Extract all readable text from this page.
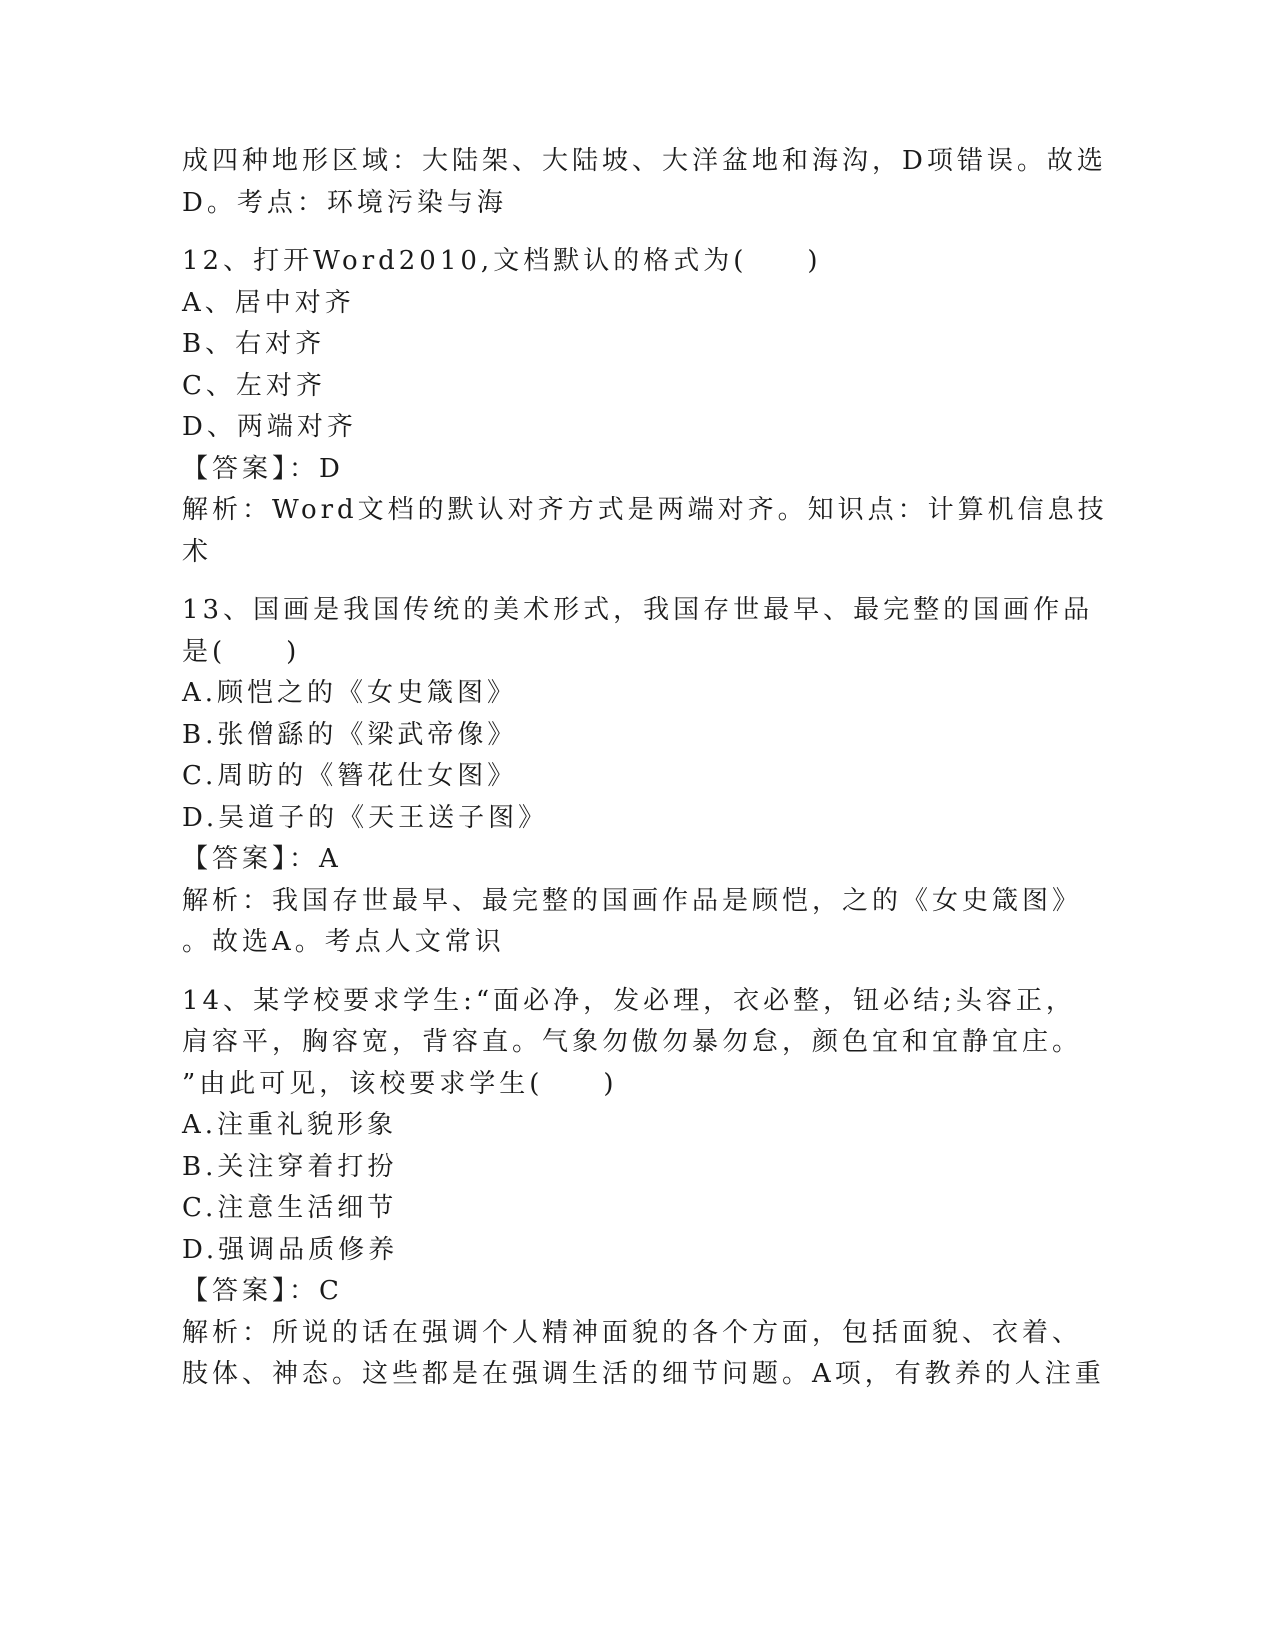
成四种地形区域：大陆架、大陆坡、大洋盆地和海沟，D项错误。故选
D。考点：环境污染与海
12、打开Word2010,文档默认的格式为(　　)
A、居中对齐
B、右对齐
C、左对齐
D、两端对齐
【答案】：D
解析：Word文档的默认对齐方式是两端对齐。知识点：计算机信息技
术
13、国画是我国传统的美术形式，我国存世最早、最完整的国画作品
是(　　)
A.顾恺之的《女史箴图》
B.张僧繇的《梁武帝像》
C.周昉的《簪花仕女图》
D.吴道子的《天王送子图》
【答案】：A
解析：我国存世最早、最完整的国画作品是顾恺，之的《女史箴图》
。故选A。考点人文常识
14、某学校要求学生:“面必净，发必理，衣必整，钮必结;头容正，
肩容平，胸容宽，背容直。气象勿傲勿暴勿怠，颜色宜和宜静宜庄。
”由此可见，该校要求学生(　　)
A.注重礼貌形象
B.关注穿着打扮
C.注意生活细节
D.强调品质修养
【答案】：C
解析：所说的话在强调个人精神面貌的各个方面，包括面貌、衣着、
肢体、神态。这些都是在强调生活的细节问题。A项，有教养的人注重
